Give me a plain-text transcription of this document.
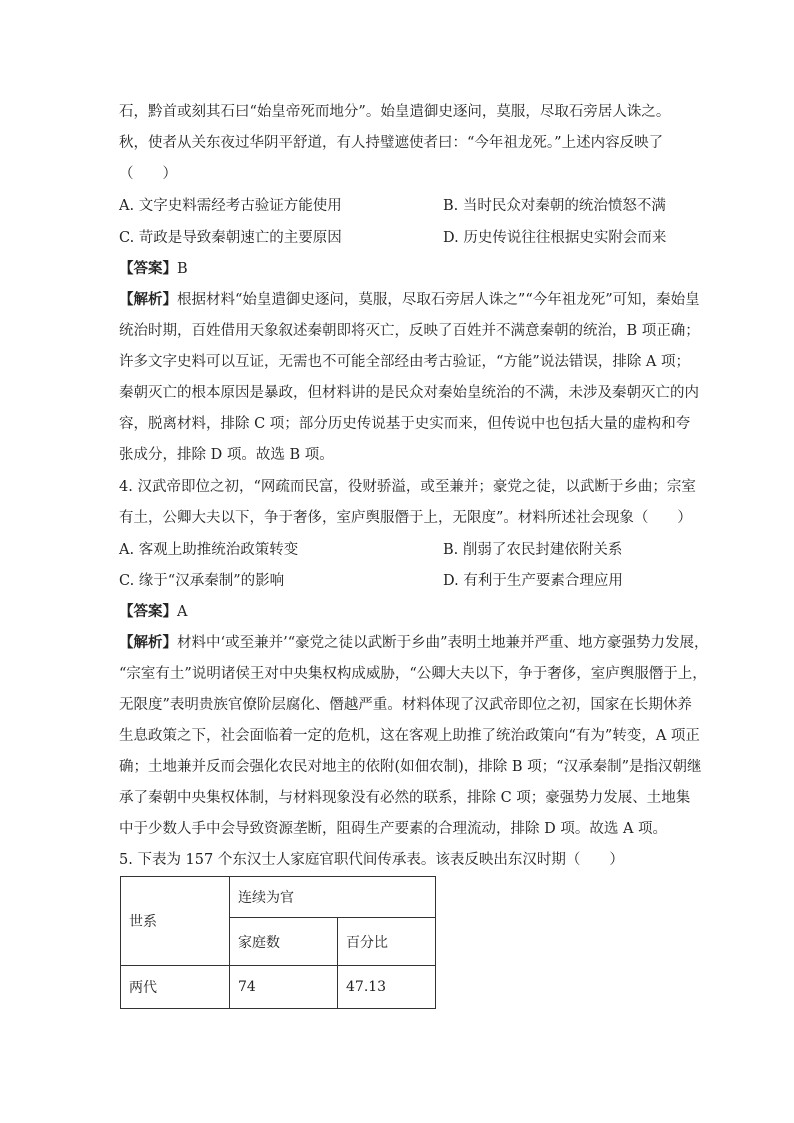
石，黔首或刻其石曰“始皇帝死而地分”。始皇遣御史逐问，莫服，尽取石旁居人诛之。
秋，使者从关东夜过华阴平舒道，有人持璧遮使者曰：“今年祖龙死。”上述内容反映了
（　　）
A. 文字史料需经考古验证方能使用	B. 当时民众对秦朝的统治愤怒不满
C. 苛政是导致秦朝速亡的主要原因	D. 历史传说往往根据史实附会而来
【答案】B
【解析】根据材料“始皇遣御史逐问，莫服，尽取石旁居人诛之”“今年祖龙死”可知，秦始皇
统治时期，百姓借用天象叙述秦朝即将灭亡，反映了百姓并不满意秦朝的统治，B 项正确；
许多文字史料可以互证，无需也不可能全部经由考古验证，“方能”说法错误，排除 A 项；
秦朝灭亡的根本原因是暴政，但材料讲的是民众对秦始皇统治的不满，未涉及秦朝灭亡的内
容，脱离材料，排除 C 项；部分历史传说基于史实而来，但传说中也包括大量的虚构和夸
张成分，排除 D 项。故选 B 项。
4. 汉武帝即位之初，“网疏而民富，役财骄溢，或至兼并；豪党之徒，以武断于乡曲；宗室
有土，公卿大夫以下，争于奢侈，室庐舆服僭于上，无限度”。材料所述社会现象（　　）
A. 客观上助推统治政策转变	B. 削弱了农民封建依附关系
C. 缘于“汉承秦制”的影响	D. 有利于生产要素合理应用
【答案】A
【解析】材料中‘或至兼并’“豪党之徒以武断于乡曲”表明土地兼并严重、地方豪强势力发展，
“宗室有土”说明诸侯王对中央集权构成威胁，“公卿大夫以下，争于奢侈，室庐舆服僭于上，
无限度”表明贵族官僚阶层腐化、僭越严重。材料体现了汉武帝即位之初，国家在长期休养
生息政策之下，社会面临着一定的危机，这在客观上助推了统治政策向“有为”转变，A 项正
确；土地兼并反而会强化农民对地主的依附(如佃农制)，排除 B 项；“汉承秦制”是指汉朝继
承了秦朝中央集权体制，与材料现象没有必然的联系，排除 C 项；豪强势力发展、土地集
中于少数人手中会导致资源垄断，阻碍生产要素的合理流动，排除 D 项。故选 A 项。
5. 下表为 157 个东汉士人家庭官职代间传承表。该表反映出东汉时期（　　）
世系	连续为官	
	家庭数	百分比
两代	74	47.13
